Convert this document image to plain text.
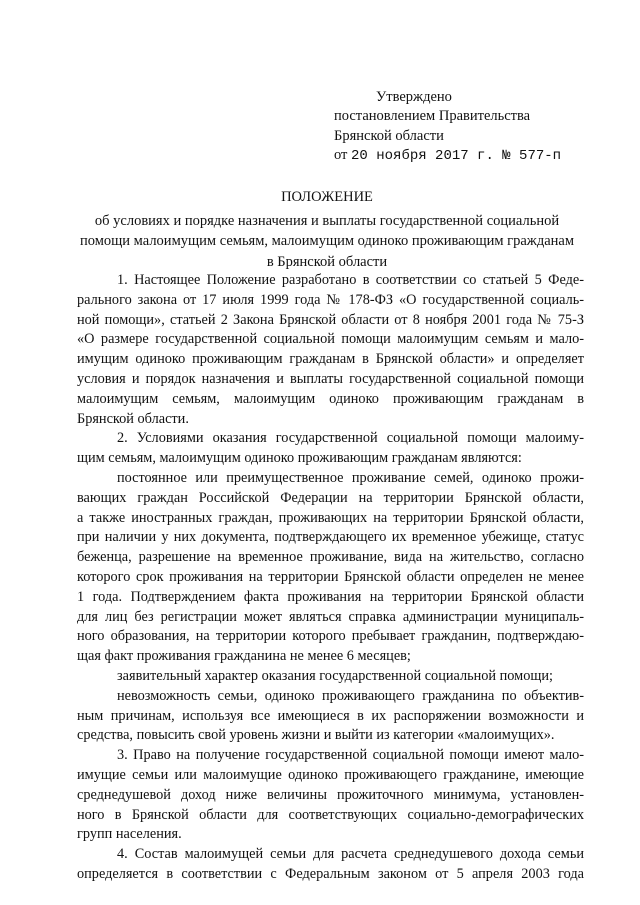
Утверждено
постановлением Правительства
Брянской области
от 20 ноября 2017 г. № 577-п
ПОЛОЖЕНИЕ
об условиях и порядке назначения и выплаты государственной социальной
помощи малоимущим семьям, малоимущим одиноко проживающим гражданам
в Брянской области
1. Настоящее Положение разработано в соответствии со статьей 5 Феде-
рального закона от 17 июля 1999 года № 178-ФЗ «О государственной социаль-
ной помощи», статьей 2 Закона Брянской области от 8 ноября 2001 года № 75-З
«О размере государственной социальной помощи малоимущим семьям и мало-
имущим одиноко проживающим гражданам в Брянской области» и определяет
условия и порядок назначения и выплаты государственной социальной помощи
малоимущим семьям, малоимущим одиноко проживающим гражданам в
Брянской области.
2. Условиями оказания государственной социальной помощи малоиму-
щим семьям, малоимущим одиноко проживающим гражданам являются:
постоянное или преимущественное проживание семей, одиноко прожи-
вающих граждан Российской Федерации на территории Брянской области,
а также иностранных граждан, проживающих на территории Брянской области,
при наличии у них документа, подтверждающего их временное убежище, статус
беженца, разрешение на временное проживание, вида на жительство, согласно
которого срок проживания на территории Брянской области определен не менее
1 года. Подтверждением факта проживания на территории Брянской области
для лиц без регистрации может являться справка администрации муниципаль-
ного образования, на территории которого пребывает гражданин, подтверждаю-
щая факт проживания гражданина не менее 6 месяцев;
заявительный характер оказания государственной социальной помощи;
невозможность семьи, одиноко проживающего гражданина по объектив-
ным причинам, используя все имеющиеся в их распоряжении возможности и
средства, повысить свой уровень жизни и выйти из категории «малоимущих».
3. Право на получение государственной социальной помощи имеют мало-
имущие семьи или малоимущие одиноко проживающего гражданине, имеющие
среднедушевой доход ниже величины прожиточного минимума, установлен-
ного в Брянской области для соответствующих социально-демографических
групп населения.
4. Состав малоимущей семьи для расчета среднедушевого дохода семьи
определяется в соответствии с Федеральным законом от 5 апреля 2003 года
